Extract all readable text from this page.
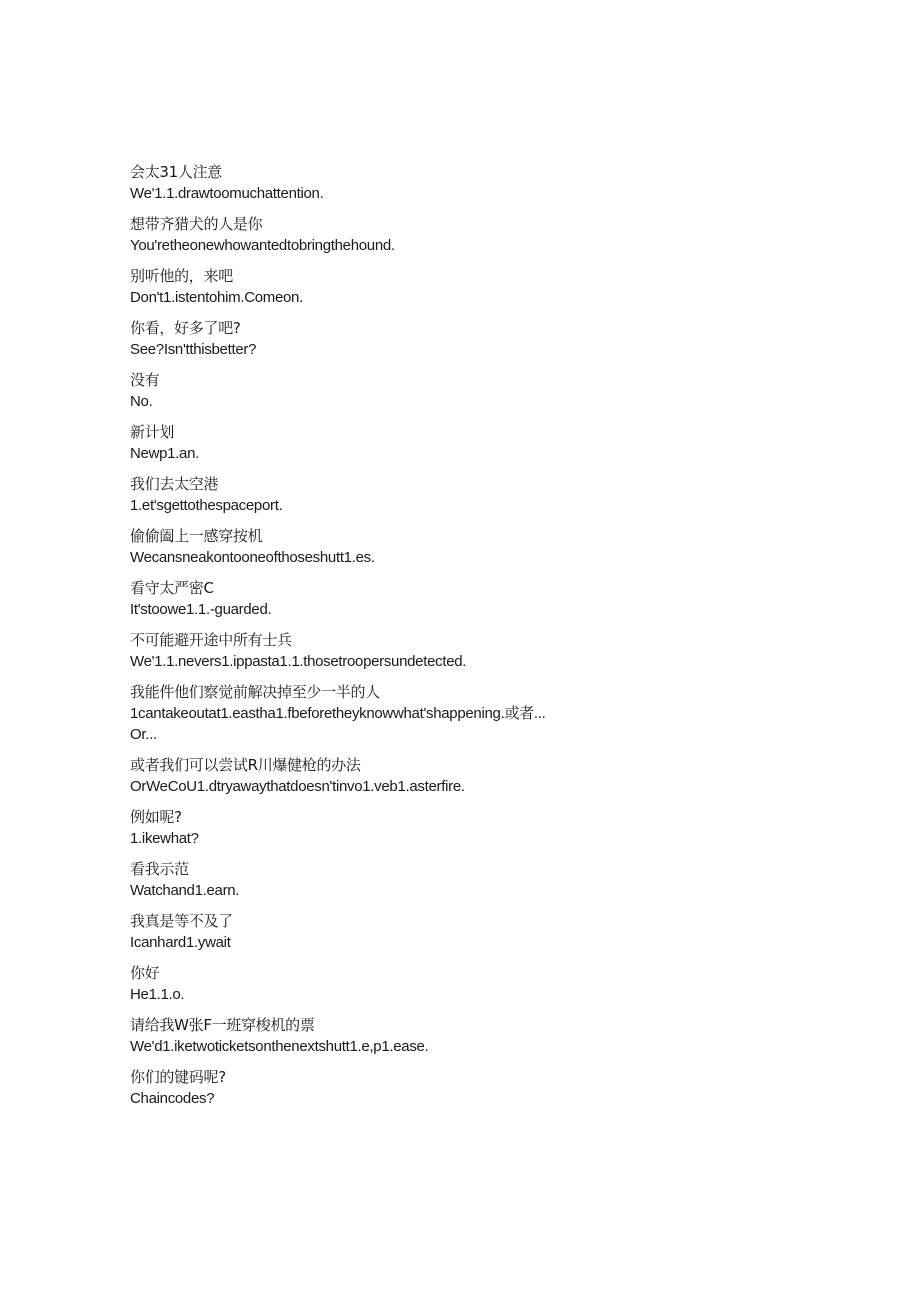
会太31人注意
We'1.1.drawtoomuchattention.
想带齐猎犬的人是你
You'retheonewhowantedtobringthehound.
别听他的，来吧
Don't1.istentohim.Comeon.
你看，好多了吧?
See?Isn'tthisbetter?
没有
No.
新计划
Newp1.an.
我们去太空港
1.et'sgettothespaceport.
偷偷阖上一感穿按机
Wecansneakontooneofthoseshutt1.es.
看守太严密C
It'stoowe1.1.-guarded.
不可能避开途中所有士兵
We'1.1.nevers1.ippasta1.1.thosetroopersundetected.
我能件他们察觉前解决掉至少一半的人
1cantakeoutat1.eastha1.fbeforetheyknowwhat'shappening.或者...
Or...
或者我们可以尝试R川爆健枪的办法
OrWeCoU1.dtryawaythatdoesn'tinvo1.veb1.asterfire.
例如呢?
1.ikewhat?
看我示范
Watchand1.earn.
我真是等不及了
Icanhard1.ywait
你好
He1.1.o.
请给我W张F一班穿梭机的票
We'd1.iketwoticketsonthenextshutt1.e,p1.ease.
你们的键码呢?
Chaincodes?
